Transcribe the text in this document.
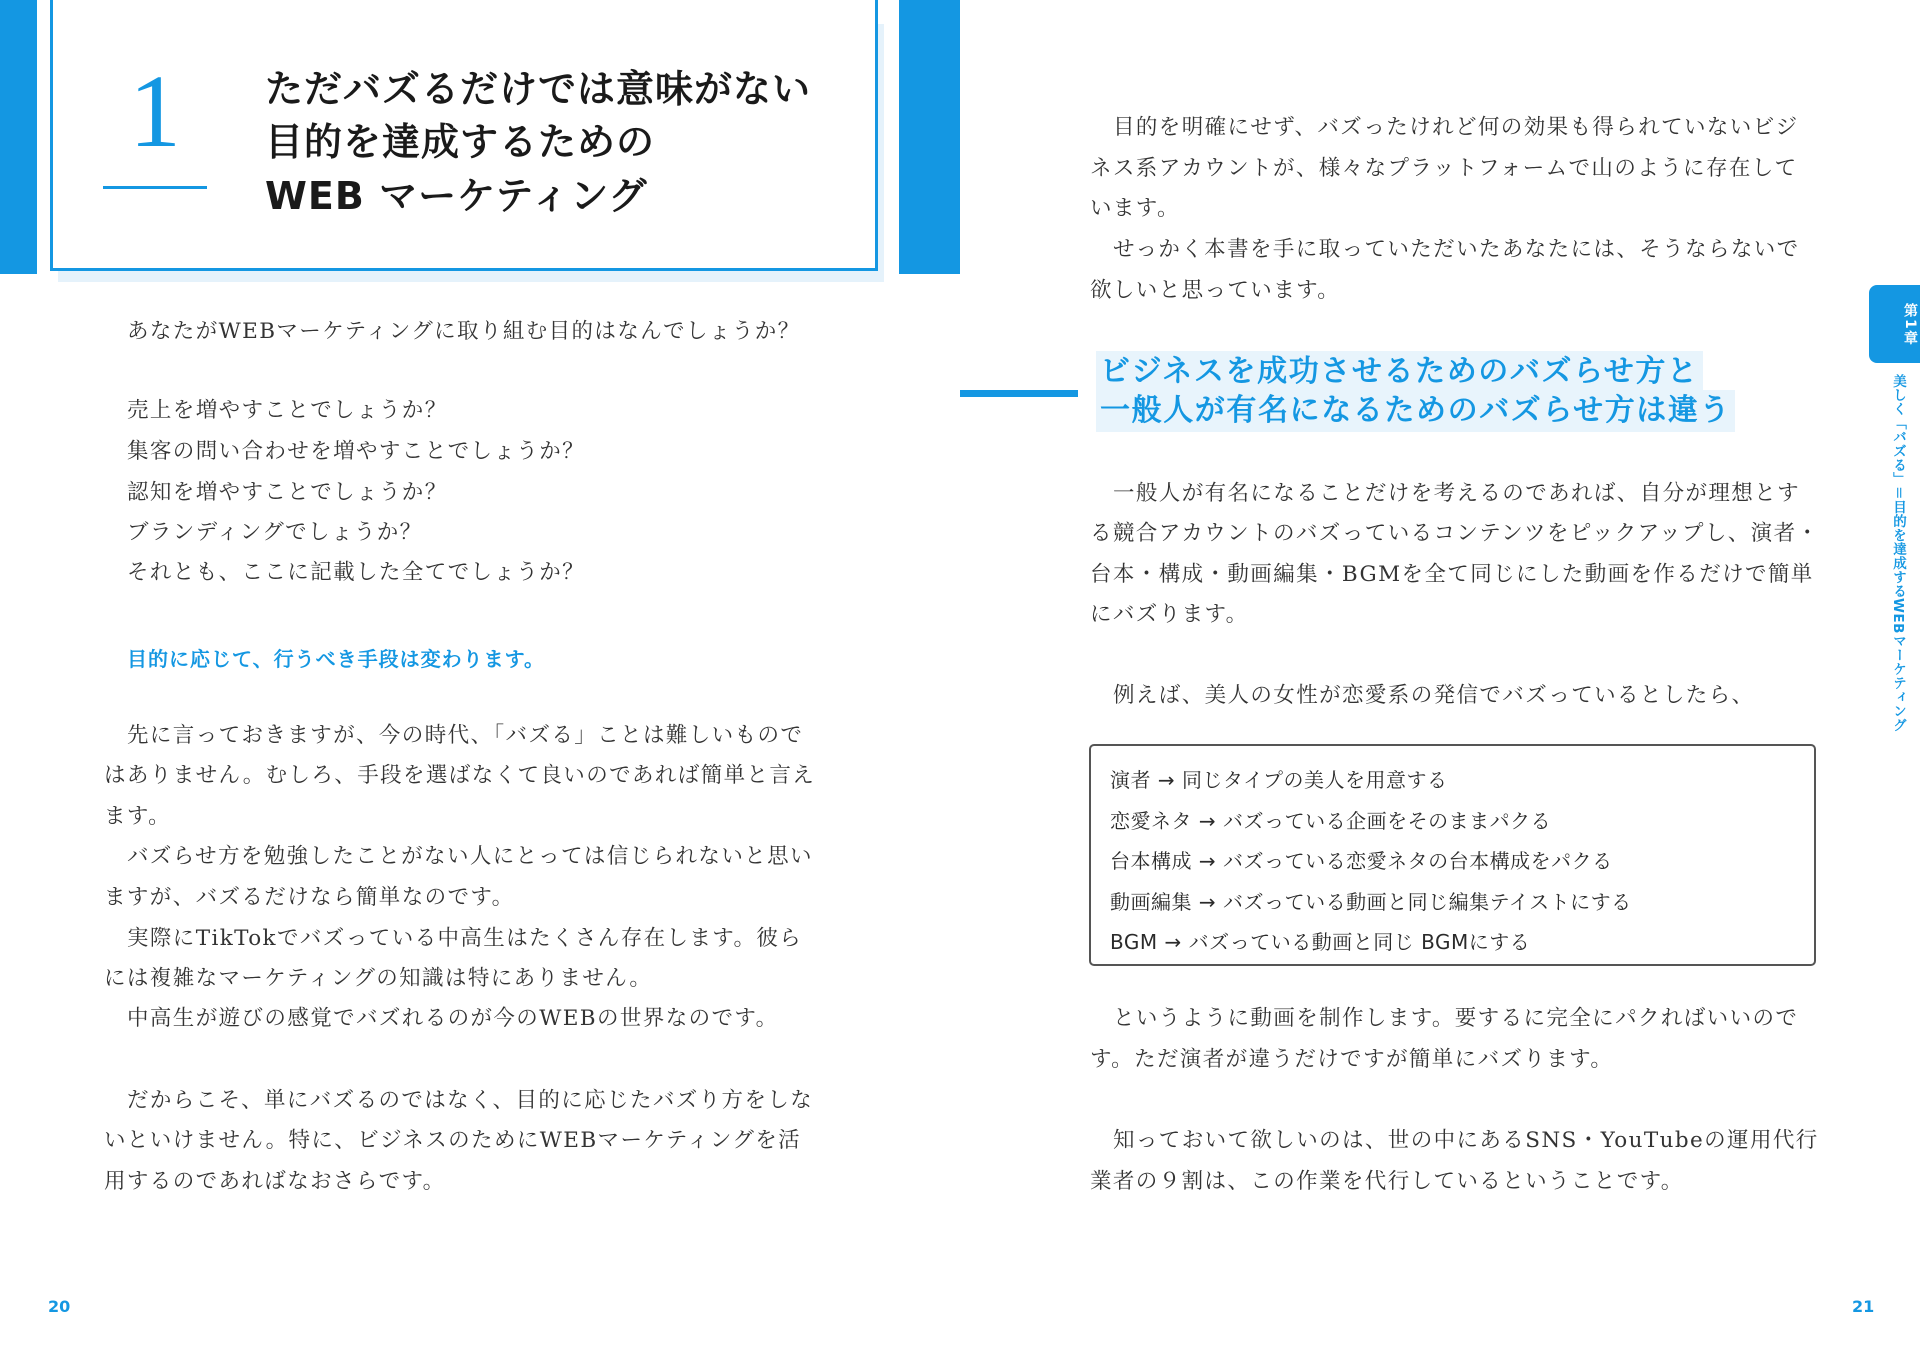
1 ただバズるだけでは意味がない
目的を達成するための
WEB マーケティング
あなたがWEBマーケティングに取り組む目的はなんでしょうか？
売上を増やすことでしょうか？
集客の問い合わせを増やすことでしょうか？
認知を増やすことでしょうか？
ブランディングでしょうか？
それとも、ここに記載した全てでしょうか？
目的に応じて、行うべき手段は変わります。
先に言っておきますが、今の時代、「バズる」ことは難しいもので
はありません。むしろ、手段を選ばなくて良いのであれば簡単と言え
ます。
バズらせ方を勉強したことがない人にとっては信じられないと思い
ますが、バズるだけなら簡単なのです。
実際にTikTokでバズっている中高生はたくさん存在します。彼ら
には複雑なマーケティングの知識は特にありません。
中高生が遊びの感覚でバズれるのが今のWEBの世界なのです。
だからこそ、単にバズるのではなく、目的に応じたバズり方をしな
いといけません。特に、ビジネスのためにWEBマーケティングを活
用するのであればなおさらです。
20
目的を明確にせず、バズったけれど何の効果も得られていないビジ
ネス系アカウントが、様々なプラットフォームで山のように存在して
います。
せっかく本書を手に取っていただいたあなたには、そうならないで
欲しいと思っています。
ビジネスを成功させるためのバズらせ方と
一般人が有名になるためのバズらせ方は違う
一般人が有名になることだけを考えるのであれば、自分が理想とす
る競合アカウントのバズっているコンテンツをピックアップし、演者・
台本・構成・動画編集・BGMを全て同じにした動画を作るだけで簡単
にバズります。
例えば、美人の女性が恋愛系の発信でバズっているとしたら、
演者 → 同じタイプの美人を用意する
恋愛ネタ → バズっている企画をそのままパクる
台本構成 → バズっている恋愛ネタの台本構成をパクる
動画編集 → バズっている動画と同じ編集テイストにする
BGM → バズっている動画と同じ BGMにする
というように動画を制作します。要するに完全にパクればいいので
す。ただ演者が違うだけですが簡単にバズります。
知っておいて欲しいのは、世の中にあるSNS・YouTubeの運用代行
業者の９割は、この作業を代行しているということです。
第1章
美しく「バズる」＝目的を達成するWEBマーケティング
21
